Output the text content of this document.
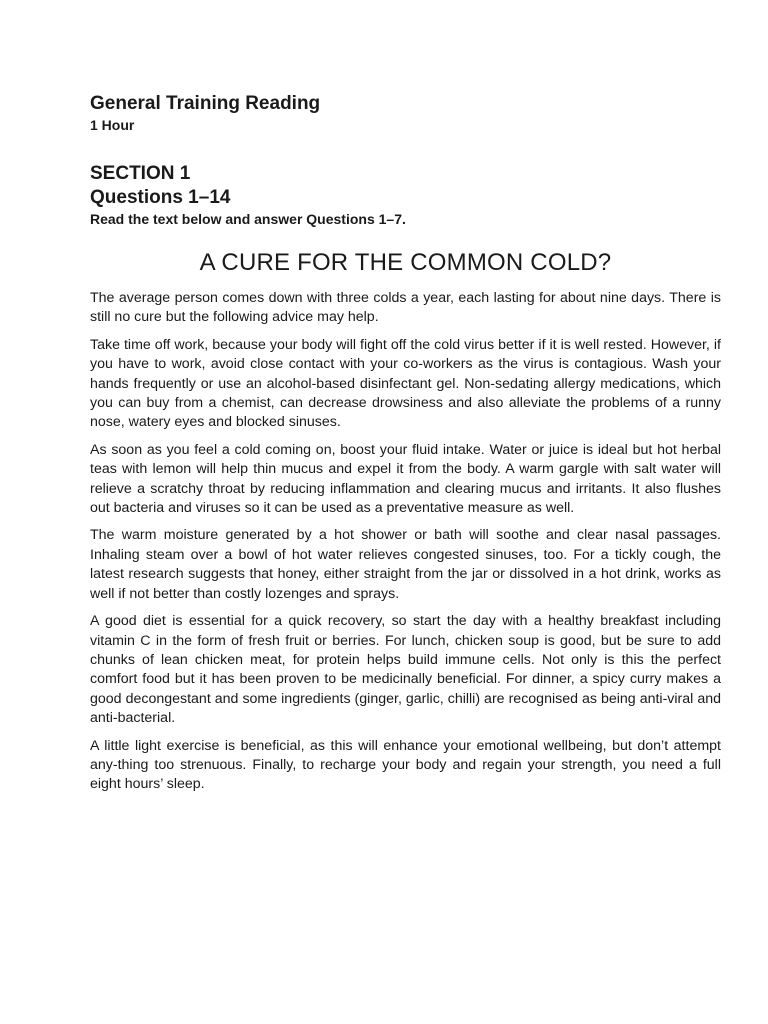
General Training Reading
1 Hour
SECTION 1
Questions 1–14
Read the text below and answer Questions 1–7.
A CURE FOR THE COMMON COLD?

The average person comes down with three colds a year, each lasting for about nine days. There is still no cure but the following advice may help.

Take time off work, because your body will fight off the cold virus better if it is well rested. However, if you have to work, avoid close contact with your co-workers as the virus is contagious. Wash your hands frequently or use an alcohol-based disinfectant gel. Non-sedating allergy medications, which you can buy from a chemist, can decrease drowsiness and also alleviate the problems of a runny nose, watery eyes and blocked sinuses.

As soon as you feel a cold coming on, boost your fluid intake. Water or juice is ideal but hot herbal teas with lemon will help thin mucus and expel it from the body. A warm gargle with salt water will relieve a scratchy throat by reducing inflammation and clearing mucus and irritants. It also flushes out bacteria and viruses so it can be used as a preventative measure as well.

The warm moisture generated by a hot shower or bath will soothe and clear nasal passages. Inhaling steam over a bowl of hot water relieves congested sinuses, too. For a tickly cough, the latest research suggests that honey, either straight from the jar or dissolved in a hot drink, works as well if not better than costly lozenges and sprays.

A good diet is essential for a quick recovery, so start the day with a healthy breakfast including vitamin C in the form of fresh fruit or berries. For lunch, chicken soup is good, but be sure to add chunks of lean chicken meat, for protein helps build immune cells. Not only is this the perfect comfort food but it has been proven to be medicinally beneficial. For dinner, a spicy curry makes a good decongestant and some ingredients (ginger, garlic, chilli) are recognised as being anti-viral and anti-bacterial.

A little light exercise is beneficial, as this will enhance your emotional wellbeing, but don’t attempt any-thing too strenuous. Finally, to recharge your body and regain your strength, you need a full eight hours’ sleep.
